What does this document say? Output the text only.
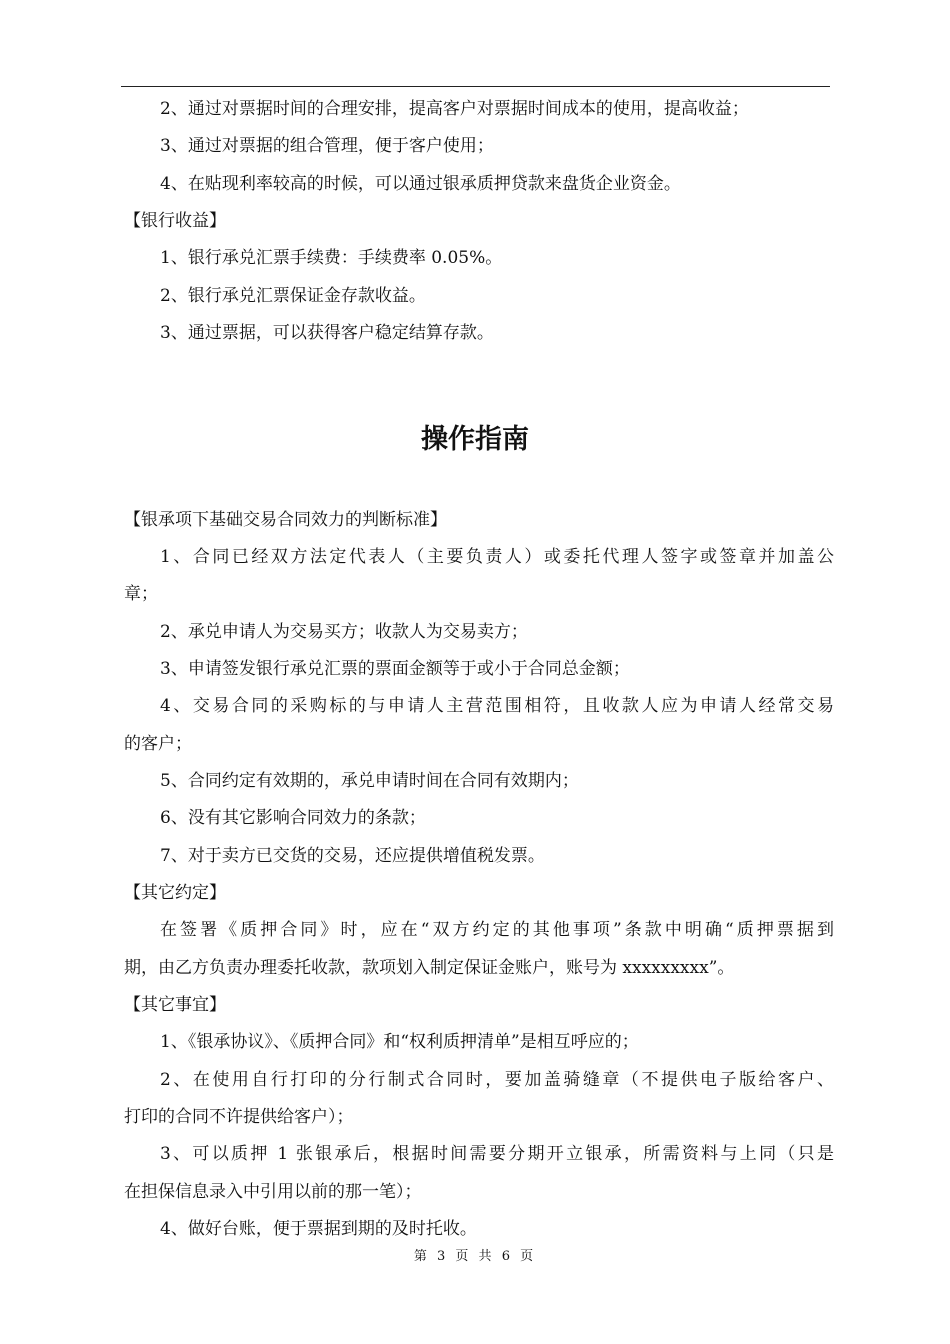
2、通过对票据时间的合理安排，提高客户对票据时间成本的使用，提高收益；
3、通过对票据的组合管理，便于客户使用；
4、在贴现利率较高的时候，可以通过银承质押贷款来盘货企业资金。
【银行收益】
1、银行承兑汇票手续费：手续费率 0.05%。
2、银行承兑汇票保证金存款收益。
3、通过票据，可以获得客户稳定结算存款。
操作指南
【银承项下基础交易合同效力的判断标准】
1、合同已经双方法定代表人（主要负责人）或委托代理人签字或签章并加盖公
章；
2、承兑申请人为交易买方；收款人为交易卖方；
3、申请签发银行承兑汇票的票面金额等于或小于合同总金额；
4、交易合同的采购标的与申请人主营范围相符，且收款人应为申请人经常交易
的客户；
5、合同约定有效期的，承兑申请时间在合同有效期内；
6、没有其它影响合同效力的条款；
7、对于卖方已交货的交易，还应提供增值税发票。
【其它约定】
在签署《质押合同》时，应在“双方约定的其他事项”条款中明确“质押票据到
期，由乙方负责办理委托收款，款项划入制定保证金账户，账号为 xxxxxxxxx”。
【其它事宜】
1、《银承协议》、《质押合同》和“权利质押清单”是相互呼应的；
2、在使用自行打印的分行制式合同时，要加盖骑缝章（不提供电子版给客户、
打印的合同不许提供给客户）；
3、可以质押 1 张银承后，根据时间需要分期开立银承，所需资料与上同（只是
在担保信息录入中引用以前的那一笔）；
4、做好台账，便于票据到期的及时托收。
第 3 页 共 6 页
